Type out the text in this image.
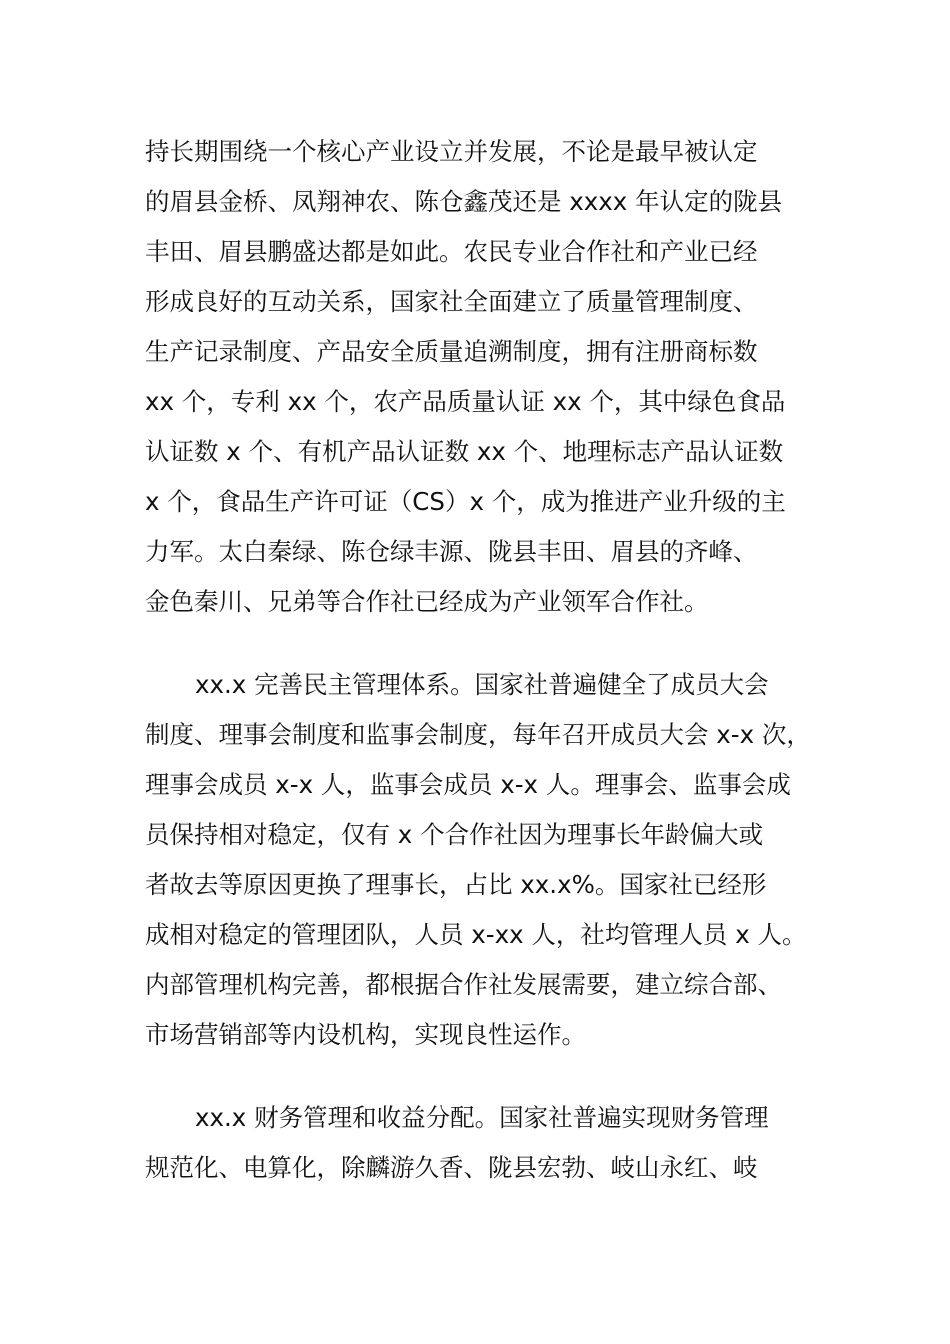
持长期围绕一个核心产业设立并发展，不论是最早被认定
的眉县金桥、凤翔神农、陈仓鑫茂还是 xxxx 年认定的陇县
丰田、眉县鹏盛达都是如此。农民专业合作社和产业已经
形成良好的互动关系，国家社全面建立了质量管理制度、
生产记录制度、产品安全质量追溯制度，拥有注册商标数
xx 个，专利 xx 个，农产品质量认证 xx 个，其中绿色食品
认证数 x 个、有机产品认证数 xx 个、地理标志产品认证数
x 个，食品生产许可证（CS）x 个，成为推进产业升级的主
力军。太白秦绿、陈仓绿丰源、陇县丰田、眉县的齐峰、
金色秦川、兄弟等合作社已经成为产业领军合作社。
xx.x 完善民主管理体系。国家社普遍健全了成员大会
制度、理事会制度和监事会制度，每年召开成员大会 x-x 次，
理事会成员 x-x 人，监事会成员 x-x 人。理事会、监事会成
员保持相对稳定，仅有 x 个合作社因为理事长年龄偏大或
者故去等原因更换了理事长，占比 xx.x%。国家社已经形
成相对稳定的管理团队，人员 x-xx 人，社均管理人员 x 人。
内部管理机构完善，都根据合作社发展需要，建立综合部、
市场营销部等内设机构，实现良性运作。
xx.x 财务管理和收益分配。国家社普遍实现财务管理
规范化、电算化，除麟游久香、陇县宏勃、岐山永红、岐
